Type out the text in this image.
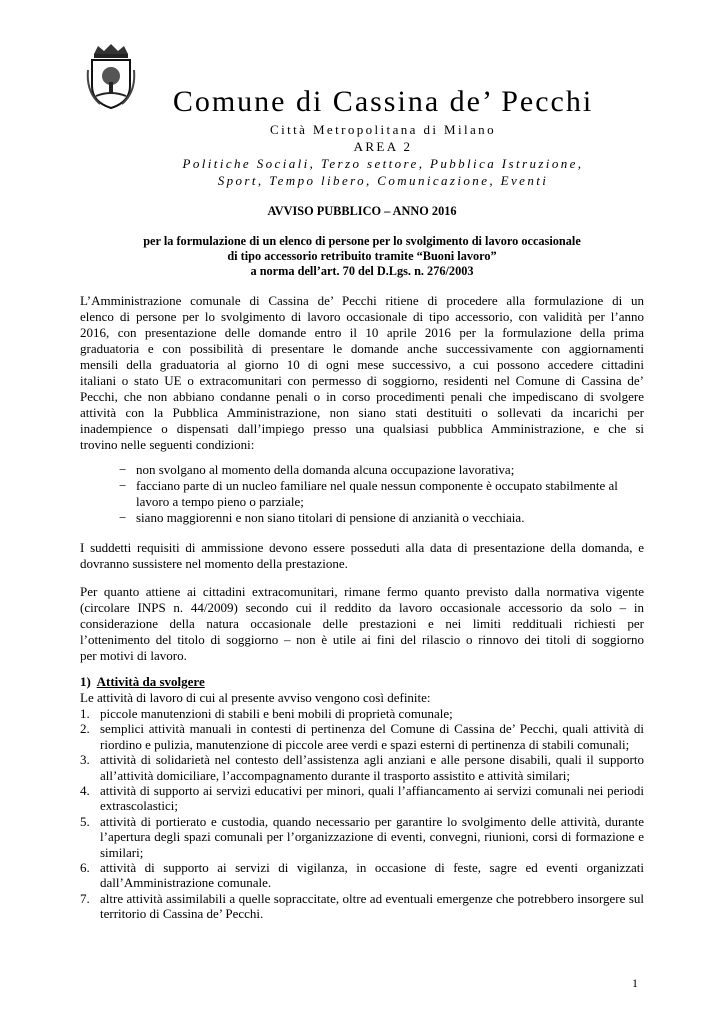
Comune di Cassina de’ Pecchi
Città Metropolitana di Milano
AREA 2
Politiche Sociali, Terzo settore, Pubblica Istruzione,
Sport, Tempo libero, Comunicazione, Eventi
AVVISO PUBBLICO – ANNO 2016
per la formulazione di un elenco di persone per lo svolgimento di lavoro occasionale
di tipo accessorio retribuito tramite “Buoni lavoro”
a norma dell’art. 70 del D.Lgs. n. 276/2003
L’Amministrazione comunale di Cassina de’ Pecchi ritiene di procedere alla formulazione di un
elenco di persone per lo svolgimento di lavoro occasionale di tipo accessorio, con validità per l’anno
2016, con presentazione delle domande entro il 10 aprile 2016 per la formulazione della prima
graduatoria e con possibilità di presentare le domande anche successivamente con aggiornamenti
mensili della graduatoria al giorno 10 di ogni mese successivo, a cui possono accedere cittadini
italiani o stato UE o extracomunitari con permesso di soggiorno, residenti nel Comune di Cassina de’
Pecchi, che non abbiano condanne penali o in corso procedimenti penali che impediscano di svolgere
attività con la Pubblica Amministrazione, non siano stati destituiti o sollevati da incarichi per
inadempience o dispensati dall’impiego presso una qualsiasi pubblica Amministrazione, e che si
trovino nelle seguenti condizioni:
− non svolgano al momento della domanda alcuna occupazione lavorativa;
− facciano parte di un nucleo familiare nel quale nessun componente è occupato stabilmente al lavoro a tempo pieno o parziale;
− siano maggiorenni e non siano titolari di pensione di anzianità o vecchiaia.
I suddetti requisiti di ammissione devono essere posseduti alla data di presentazione della domanda, e
dovranno sussistere nel momento della prestazione.
Per quanto attiene ai cittadini extracomunitari, rimane fermo quanto previsto dalla normativa vigente
(circolare INPS n. 44/2009) secondo cui il reddito da lavoro occasionale accessorio da solo – in
considerazione della natura occasionale delle prestazioni e nei limiti reddituali richiesti per
l’ottenimento del titolo di soggiorno – non è utile ai fini del rilascio o rinnovo dei titoli di soggiorno
per motivi di lavoro.
1) Attività da svolgere
Le attività di lavoro di cui al presente avviso vengono così definite:
1. piccole manutenzioni di stabili e beni mobili di proprietà comunale;
2. semplici attività manuali in contesti di pertinenza del Comune di Cassina de’ Pecchi, quali attività di riordino e pulizia, manutenzione di piccole aree verdi e spazi esterni di pertinenza di stabili comunali;
3. attività di solidarietà nel contesto dell’assistenza agli anziani e alle persone disabili, quali il supporto all’attività domiciliare, l’accompagnamento durante il trasporto assistito e attività similari;
4. attività di supporto ai servizi educativi per minori, quali l’affiancamento ai servizi comunali nei periodi extrascolastici;
5. attività di portierato e custodia, quando necessario per garantire lo svolgimento delle attività, durante l’apertura degli spazi comunali per l’organizzazione di eventi, convegni, riunioni, corsi di formazione e similari;
6. attività di supporto ai servizi di vigilanza, in occasione di feste, sagre ed eventi organizzati dall’Amministrazione comunale.
7. altre attività assimilabili a quelle sopraccitate, oltre ad eventuali emergenze che potrebbero insorgere sul territorio di Cassina de’ Pecchi.
1
